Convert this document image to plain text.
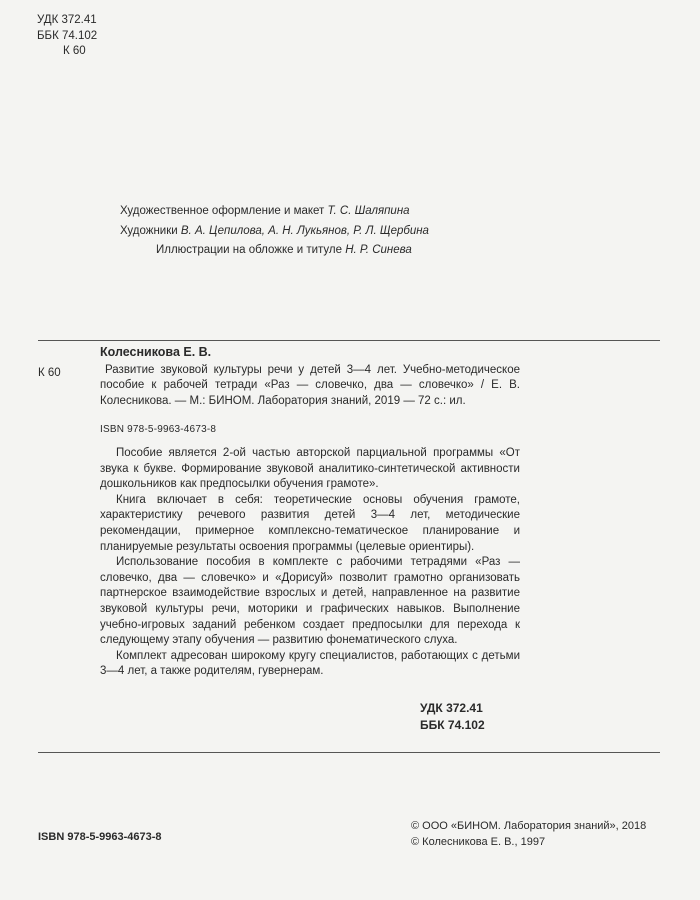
УДК 372.41
ББК 74.102
К 60
Художественное оформление и макет Т. С. Шаляпина
Художники В. А. Цепилова, А. Н. Лукьянов, Р. Л. Щербина
Иллюстрации на обложке и титуле Н. Р. Синева
К 60
Колесникова Е. В.

Развитие звуковой культуры речи у детей 3—4 лет. Учебно-методическое пособие к рабочей тетради «Раз — словечко, два — словечко» / Е. В. Колесникова. — М.: БИНОМ. Лаборатория знаний, 2019 — 72 с.: ил.

ISBN 978-5-9963-4673-8

Пособие является 2-ой частью авторской парциальной программы «От звука к букве. Формирование звуковой аналитико-синтетической активности дошкольников как предпосылки обучения грамоте».

Книга включает в себя: теоретические основы обучения грамоте, характеристику речевого развития детей 3—4 лет, методические рекомендации, примерное комплексно-тематическое планирование и планируемые результаты освоения программы (целевые ориентиры).

Использование пособия в комплекте с рабочими тетрадями «Раз — словечко, два — словечко» и «Дорисуй» позволит грамотно организовать партнерское взаимодействие взрослых и детей, направленное на развитие звуковой культуры речи, моторики и графических навыков. Выполнение учебно-игровых заданий ребенком создает предпосылки для перехода к следующему этапу обучения — развитию фонематического слуха.

Комплект адресован широкому кругу специалистов, работающих с детьми 3—4 лет, а также родителям, гувернерам.

УДК 372.41
ББК 74.102
ISBN 978-5-9963-4673-8
© ООО «БИНОМ. Лаборатория знаний», 2018
© Колесникова Е. В., 1997
